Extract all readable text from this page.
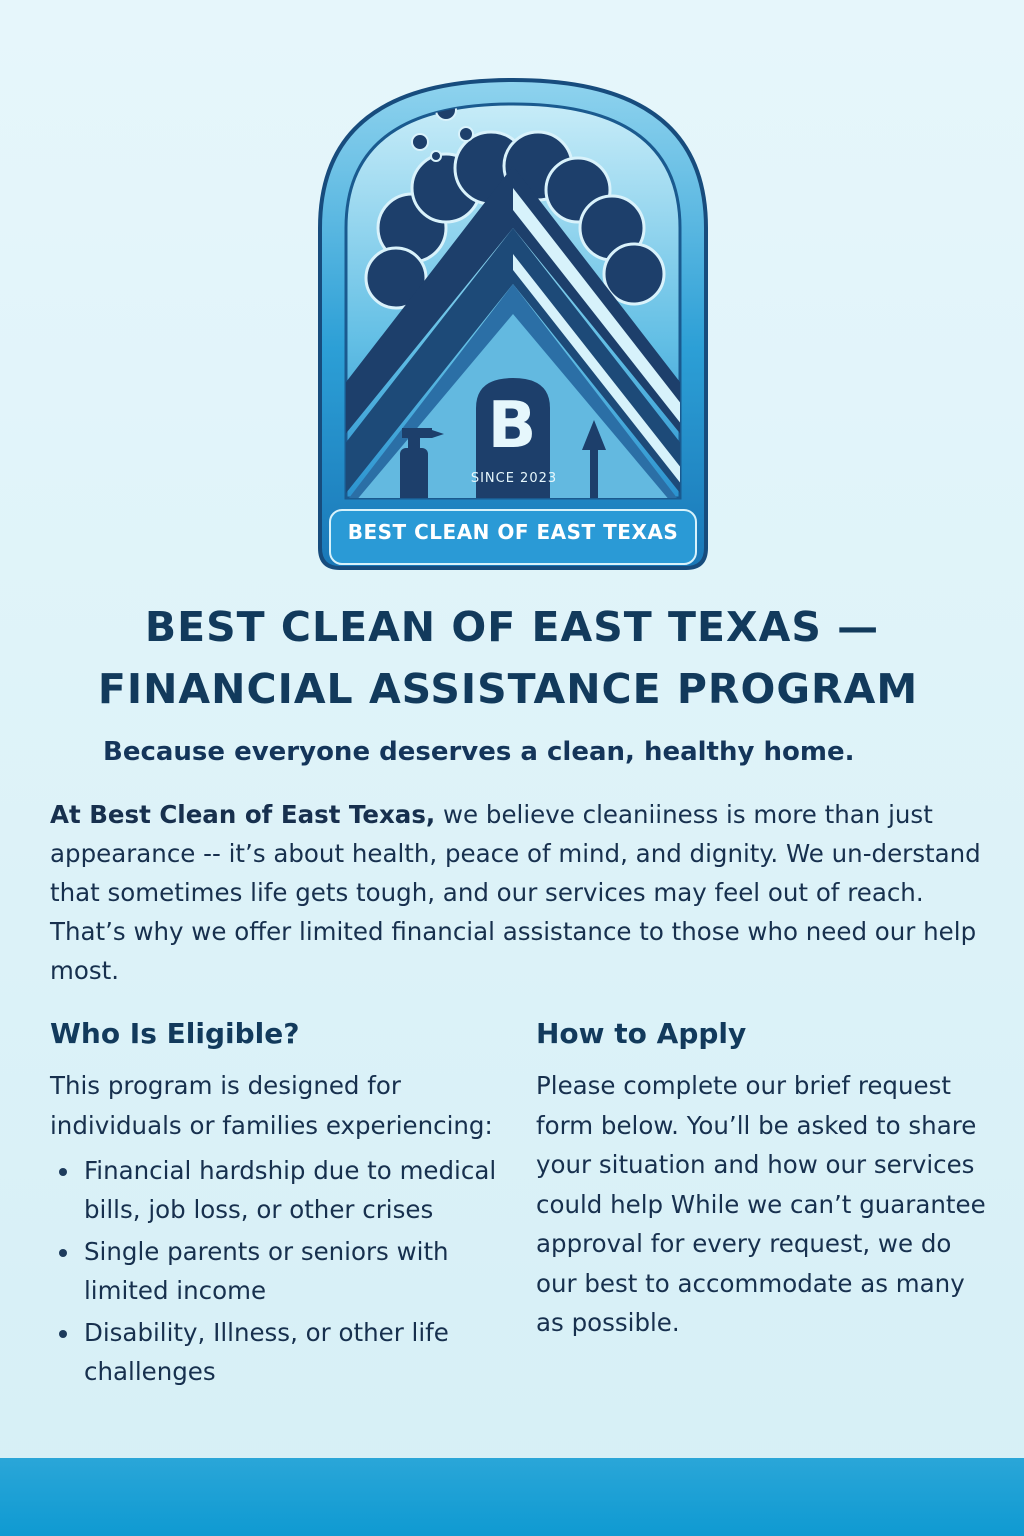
B
SINCE 2023
BEST CLEAN OF EAST TEXAS
BEST CLEAN OF EAST TEXAS —
FINANCIAL ASSISTANCE PROGRAM

Because everyone deserves a clean, healthy home.

At Best Clean of East Texas, we believe cleaniiness is more than just appearance -- it’s about health, peace of mind, and dignity. We un-derstand that sometimes life gets tough, and our services may feel out of reach. That’s why we offer limited financial assistance to those who need our help most.

Who Is Eligible?

This program is designed for individuals or families experiencing:

Financial hardship due to medical bills, job loss, or other crises
Single parents or seniors with limited income
Disability, Illness, or other life challenges
How to Apply

Please complete our brief request form below. You’ll be asked to share your situation and how our services could help While we can’t guarantee approval for every request, we do our best to accommodate as many as possible.
